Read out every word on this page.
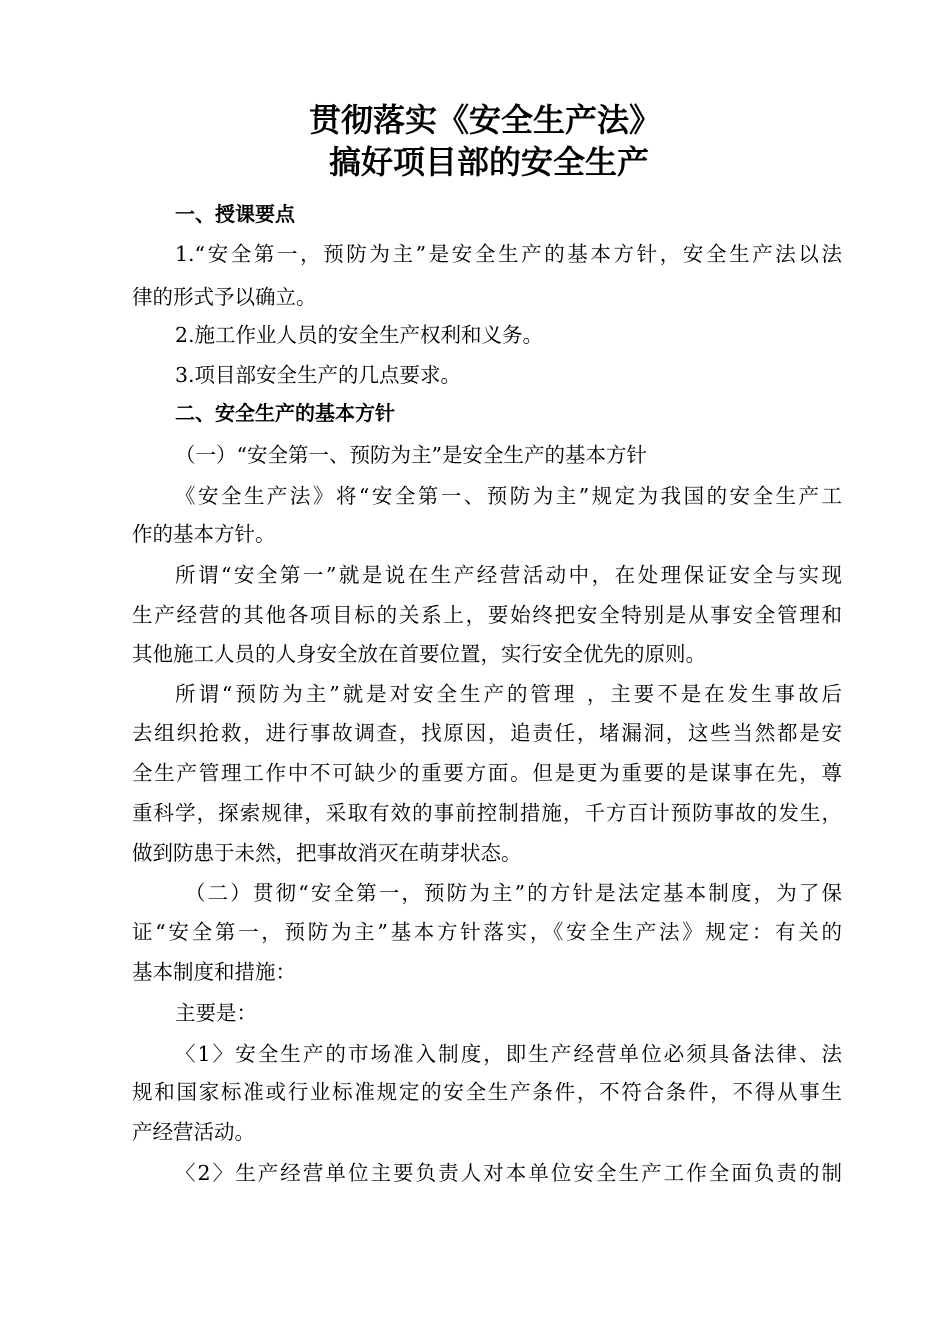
贯彻落实《安全生产法》
搞好项目部的安全生产
一、授课要点
1.“安全第一，预防为主”是安全生产的基本方针，安全生产法以法
律的形式予以确立。
2.施工作业人员的安全生产权利和义务。
3.项目部安全生产的几点要求。
二、安全生产的基本方针
（一）“安全第一、预防为主”是安全生产的基本方针
《安全生产法》将“安全第一、预防为主”规定为我国的安全生产工
作的基本方针。
所谓“安全第一”就是说在生产经营活动中，在处理保证安全与实现
生产经营的其他各项目标的关系上，要始终把安全特别是从事安全管理和
其他施工人员的人身安全放在首要位置，实行安全优先的原则。
所谓“预防为主”就是对安全生产的管理 ，主要不是在发生事故后
去组织抢救，进行事故调查，找原因，追责任，堵漏洞，这些当然都是安
全生产管理工作中不可缺少的重要方面。但是更为重要的是谋事在先，尊
重科学，探索规律，采取有效的事前控制措施，千方百计预防事故的发生，
做到防患于未然，把事故消灭在萌芽状态。
（二）贯彻“安全第一，预防为主”的方针是法定基本制度，为了保
证“安全第一，预防为主”基本方针落实，《安全生产法》规定：有关的
基本制度和措施：
主要是：
〈1〉安全生产的市场准入制度，即生产经营单位必须具备法律、法
规和国家标准或行业标准规定的安全生产条件，不符合条件，不得从事生
产经营活动。
〈2〉生产经营单位主要负责人对本单位安全生产工作全面负责的制
